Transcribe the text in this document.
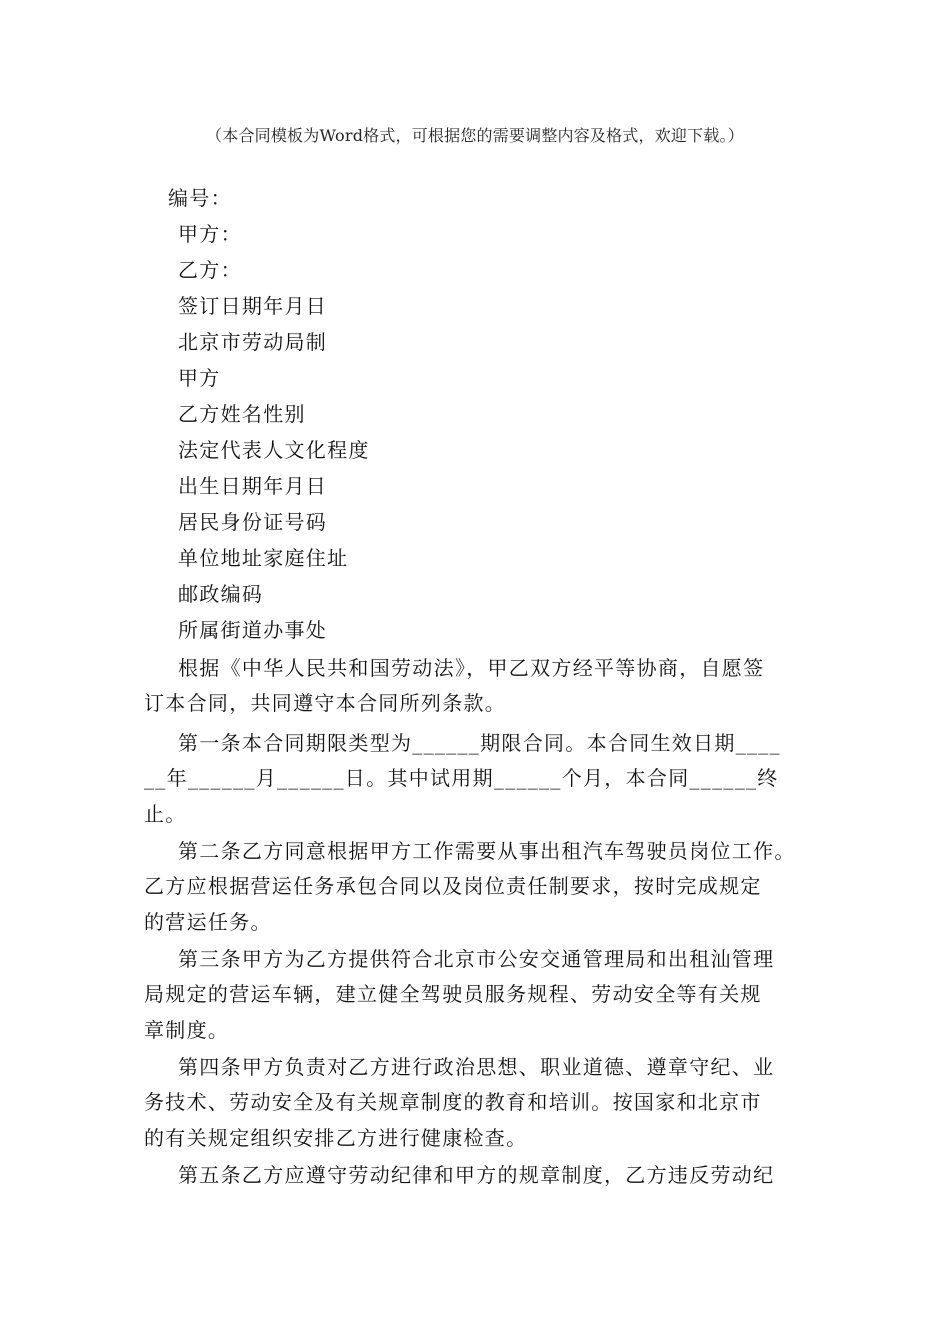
（本合同模板为Word格式，可根据您的需要调整内容及格式，欢迎下载。）
编号：
甲方：
乙方：
签订日期年月日
北京市劳动局制
甲方
乙方姓名性别
法定代表人文化程度
出生日期年月日
居民身份证号码
单位地址家庭住址
邮政编码
所属街道办事处
根据《中华人民共和国劳动法》，甲乙双方经平等协商，自愿签
订本合同，共同遵守本合同所列条款。
第一条本合同期限类型为______期限合同。本合同生效日期____
__年______月______日。其中试用期______个月，本合同______终
止。
第二条乙方同意根据甲方工作需要从事出租汽车驾驶员岗位工作。
乙方应根据营运任务承包合同以及岗位责任制要求，按时完成规定
的营运任务。
第三条甲方为乙方提供符合北京市公安交通管理局和出租汕管理
局规定的营运车辆，建立健全驾驶员服务规程、劳动安全等有关规
章制度。
第四条甲方负责对乙方进行政治思想、职业道德、遵章守纪、业
务技术、劳动安全及有关规章制度的教育和培训。按国家和北京市
的有关规定组织安排乙方进行健康检查。
第五条乙方应遵守劳动纪律和甲方的规章制度，乙方违反劳动纪
